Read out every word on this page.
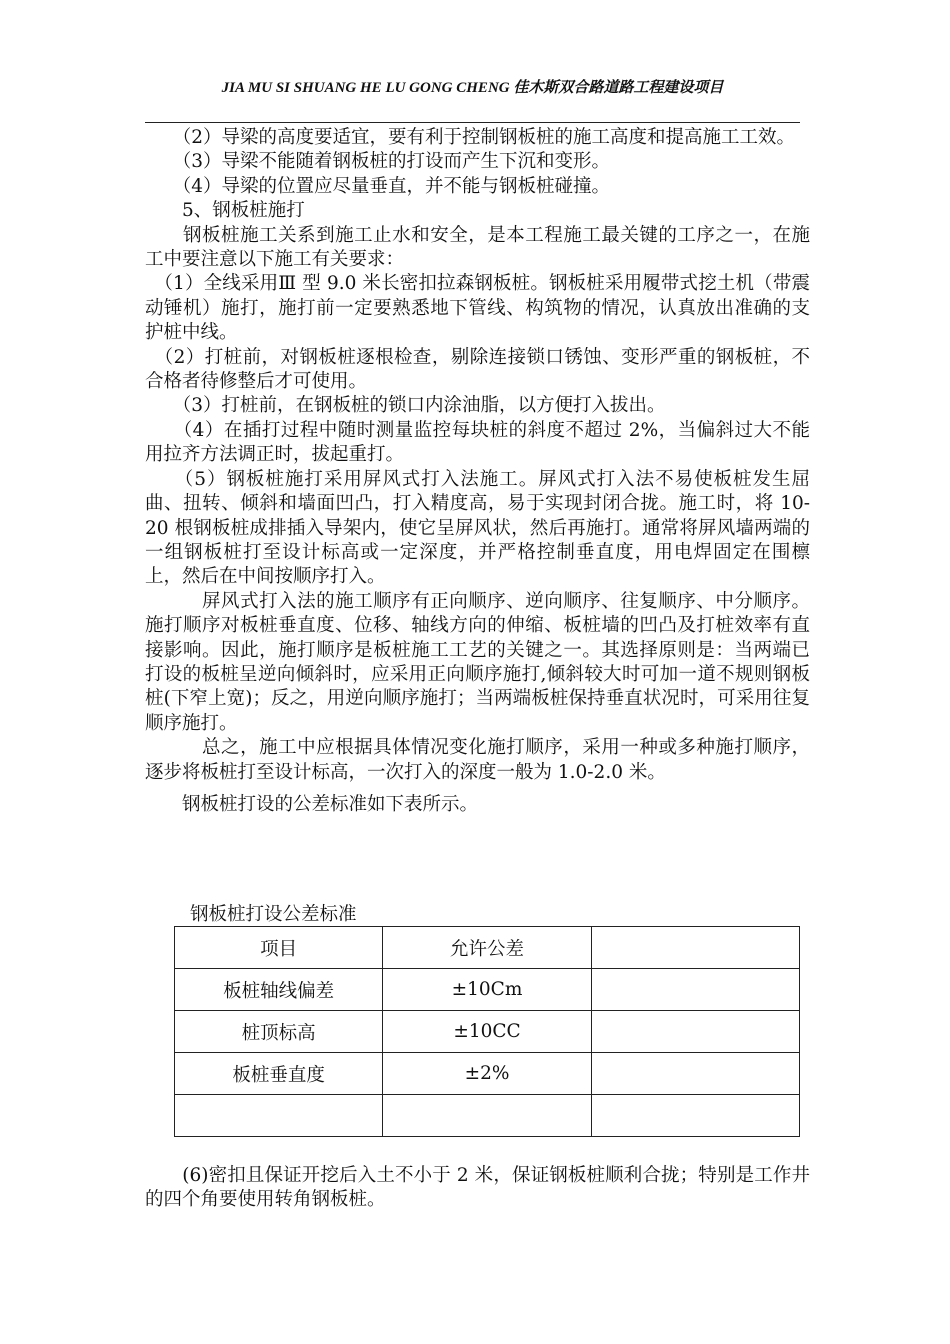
JIA MU SI SHUANG HE LU GONG CHENG 佳木斯双合路道路工程建设项目

　　（2）导梁的高度要适宜，要有利于控制钢板桩的施工高度和提高施工工效。

　　（3）导梁不能随着钢板桩的打设而产生下沉和变形。

　　（4）导梁的位置应尽量垂直，并不能与钢板桩碰撞。

　　5、钢板桩施打

　　钢板桩施工关系到施工止水和安全，是本工程施工最关键的工序之一，在施工中要注意以下施工有关要求：

　（1）全线采用Ⅲ 型 9.0 米长密扣拉森钢板桩。钢板桩采用履带式挖土机（带震动锤机）施打，施打前一定要熟悉地下管线、构筑物的情况，认真放出准确的支护桩中线。

　（2）打桩前，对钢板桩逐根检查，剔除连接锁口锈蚀、变形严重的钢板桩，不合格者待修整后才可使用。

　　（3）打桩前，在钢板桩的锁口内涂油脂，以方便打入拔出。

　　（4）在插打过程中随时测量监控每块桩的斜度不超过 2%，当偏斜过大不能用拉齐方法调正时，拔起重打。

　　（5）钢板桩施打采用屏风式打入法施工。屏风式打入法不易使板桩发生屈曲、扭转、倾斜和墙面凹凸，打入精度高，易于实现封闭合拢。施工时，将 10-20 根钢板桩成排插入导架内，使它呈屏风状，然后再施打。通常将屏风墙两端的一组钢板桩打至设计标高或一定深度，并严格控制垂直度，用电焊固定在围檩上，然后在中间按顺序打入。

　　　屏风式打入法的施工顺序有正向顺序、逆向顺序、往复顺序、中分顺序。施打顺序对板桩垂直度、位移、轴线方向的伸缩、板桩墙的凹凸及打桩效率有直接影响。因此，施打顺序是板桩施工工艺的关键之一。其选择原则是：当两端已打设的板桩呈逆向倾斜时，应采用正向顺序施打,倾斜较大时可加一道不规则钢板桩(下窄上宽)；反之，用逆向顺序施打；当两端板桩保持垂直状况时，可采用往复顺序施打。

　　　总之，施工中应根据具体情况变化施打顺序，采用一种或多种施打顺序，逐步将板桩打至设计标高，一次打入的深度一般为 1.0-2.0 米。

　　钢板桩打设的公差标准如下表所示。

钢板桩打设公差标准
项目	允许公差	
板桩轴线偏差	±10Cm	
桩顶标高	±10CC	
板桩垂直度	±2%	

　　(6)密扣且保证开挖后入土不小于 2 米，保证钢板桩顺利合拢；特别是工作井的四个角要使用转角钢板桩。
